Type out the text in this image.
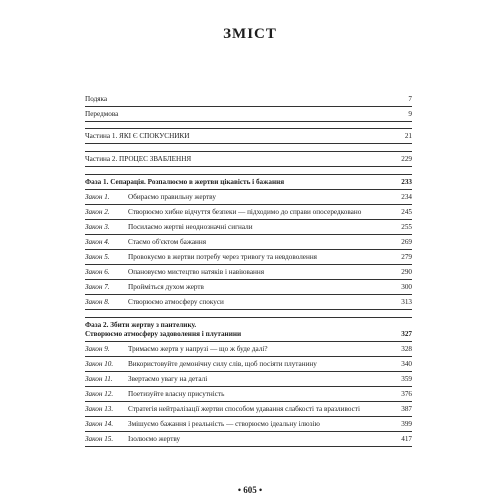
ЗМІСТ
Подяка	7
Передмова	9
Частина 1. ЯКІ Є СПОКУСНИКИ	21
Частина 2. ПРОЦЕС ЗВАБЛЕННЯ	229
Фаза 1. Сепарація. Розпалюємо в жертви цікавість і бажання	233
Закон 1.	Обираємо правильну жертву	234
Закон 2.	Створюємо хибне відчуття безпеки — підходимо до справи опосередковано	245
Закон 3.	Посилаємо жертві неоднозначні сигнали	255
Закон 4.	Стаємо об'єктом бажання	269
Закон 5.	Провокуємо в жертви потребу через тривогу та невдоволення	279
Закон 6.	Опановуємо мистецтво натяків і навіювання	290
Закон 7.	Пройміться духом жертв	300
Закон 8.	Створюємо атмосферу спокуси	313
Фаза 2. Збити жертву з пантелику.
Створюємо атмосферу задоволення і плутанини	327
Закон 9.	Тримаємо жертв у напрузі — що ж буде далі?	328
Закон 10.	Використовуйте демонічну силу слів, щоб посіяти плутанину	340
Закон 11.	Звертаємо увагу на деталі	359
Закон 12.	Поетизуйте власну присутність	376
Закон 13.	Стратегія нейтралізації жертви способом удавання слабкості та вразливості	387
Закон 14.	Змішуємо бажання і реальність — створюємо ідеальну ілюзію	399
Закон 15.	Ізолюємо жертву	417
• 605 •
